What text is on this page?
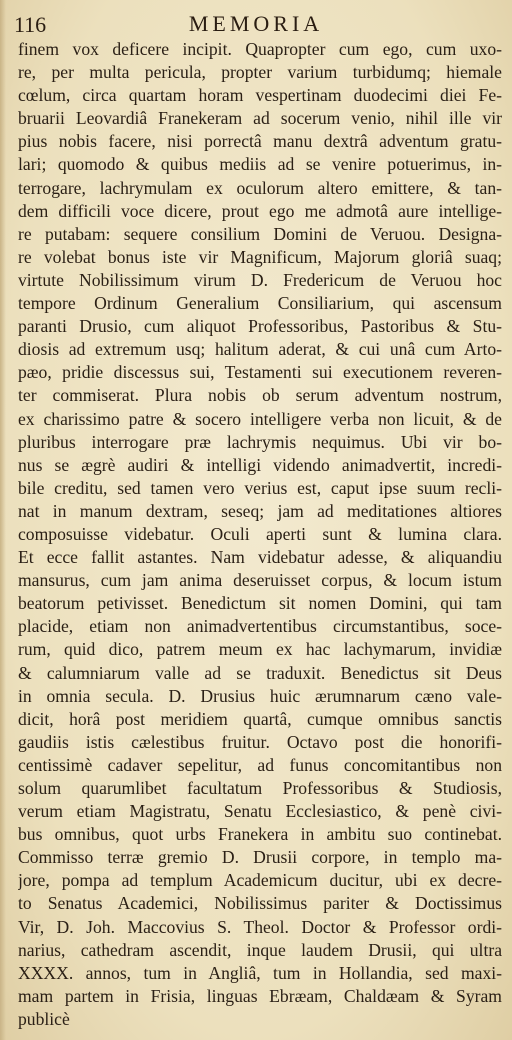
116	MEMORIA
finem vox deficere incipit. Quapropter cum ego, cum uxo-
re, per multa pericula, propter varium turbidumq; hiemale
cœlum, circa quartam horam vespertinam duodecimi diei Fe-
bruarii Leovardiâ Franekeram ad socerum venio, nihil ille vir
pius nobis facere, nisi porrectâ manu dextrâ adventum gratu-
lari; quomodo & quibus mediis ad se venire potuerimus, in-
terrogare, lachrymulam ex oculorum altero emittere, & tan-
dem difficili voce dicere, prout ego me admotâ aure intellige-
re putabam: sequere consilium Domini de Veruou. Designa-
re volebat bonus iste vir Magnificum, Majorum gloriâ suaq;
virtute Nobilissimum virum D. Fredericum de Veruou hoc
tempore Ordinum Generalium Consiliarium, qui ascensum
paranti Drusio, cum aliquot Professoribus, Pastoribus & Stu-
diosis ad extremum usq; halitum aderat, & cui unâ cum Arto-
pæo, pridie discessus sui, Testamenti sui executionem reveren-
ter commiserat. Plura nobis ob serum adventum nostrum,
ex charissimo patre & socero intelligere verba non licuit, & de
pluribus interrogare præ lachrymis nequimus. Ubi vir bo-
nus se ægrè audiri & intelligi videndo animadvertit, incredi-
bile creditu, sed tamen vero verius est, caput ipse suum recli-
nat in manum dextram, seseq; jam ad meditationes altiores
composuisse videbatur. Oculi aperti sunt & lumina clara.
Et ecce fallit astantes. Nam videbatur adesse, & aliquandiu
mansurus, cum jam anima deseruisset corpus, & locum istum
beatorum petivisset. Benedictum sit nomen Domini, qui tam
placide, etiam non animadvertentibus circumstantibus, soce-
rum, quid dico, patrem meum ex hac lachymarum, invidiæ
& calumniarum valle ad se traduxit. Benedictus sit Deus
in omnia secula. D. Drusius huic ærumnarum cæno vale-
dicit, horâ post meridiem quartâ, cumque omnibus sanctis
gaudiis istis cælestibus fruitur. Octavo post die honorifi-
centissimè cadaver sepelitur, ad funus concomitantibus non
solum quarumlibet facultatum Professoribus & Studiosis,
verum etiam Magistratu, Senatu Ecclesiastico, & penè civi-
bus omnibus, quot urbs Franekera in ambitu suo continebat.
Commisso terræ gremio D. Drusii corpore, in templo ma-
jore, pompa ad templum Academicum ducitur, ubi ex decre-
to Senatus Academici, Nobilissimus pariter & Doctissimus
Vir, D. Joh. Maccovius S. Theol. Doctor & Professor ordi-
narius, cathedram ascendit, inque laudem Drusii, qui ultra
XXXX. annos, tum in Angliâ, tum in Hollandia, sed maxi-
mam partem in Frisia, linguas Ebræam, Chaldæam & Syram
publicè
